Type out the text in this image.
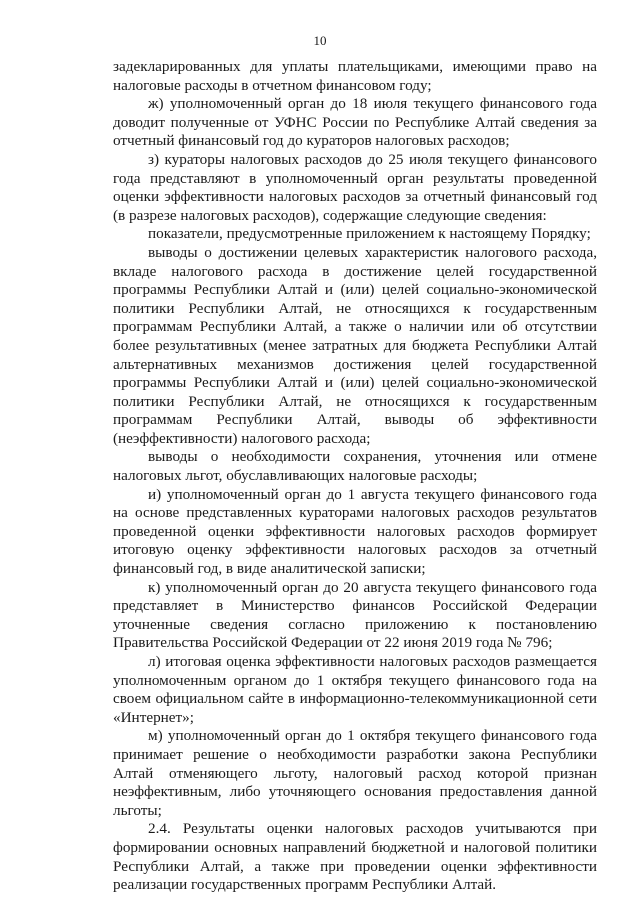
10

задекларированных для уплаты плательщиками, имеющими право на налоговые расходы в отчетном финансовом году;

ж) уполномоченный орган до 18 июля текущего финансового года доводит полученные от УФНС России по Республике Алтай сведения за отчетный финансовый год до кураторов налоговых расходов;

з) кураторы налоговых расходов до 25 июля текущего финансового года представляют в уполномоченный орган результаты проведенной оценки эффективности налоговых расходов за отчетный финансовый год (в разрезе налоговых расходов), содержащие следующие сведения:

показатели, предусмотренные приложением к настоящему Порядку;

выводы о достижении целевых характеристик налогового расхода, вкладе налогового расхода в достижение целей государственной программы Республики Алтай и (или) целей социально-экономической политики Республики Алтай, не относящихся к государственным программам Республики Алтай, а также о наличии или об отсутствии более результативных (менее затратных для бюджета Республики Алтай альтернативных механизмов достижения целей государственной программы Республики Алтай и (или) целей социально-экономической политики Республики Алтай, не относящихся к государственным программам Республики Алтай, выводы об эффективности (неэффективности) налогового расхода;

выводы о необходимости сохранения, уточнения или отмене налоговых льгот, обуславливающих налоговые расходы;

и) уполномоченный орган до 1 августа текущего финансового года на основе представленных кураторами налоговых расходов результатов проведенной оценки эффективности налоговых расходов формирует итоговую оценку эффективности налоговых расходов за отчетный финансовый год, в виде аналитической записки;

к) уполномоченный орган до 20 августа текущего финансового года представляет в Министерство финансов Российской Федерации уточненные сведения согласно приложению к постановлению Правительства Российской Федерации от 22 июня 2019 года № 796;

л) итоговая оценка эффективности налоговых расходов размещается уполномоченным органом до 1 октября текущего финансового года на своем официальном сайте в информационно-телекоммуникационной сети «Интернет»;

м) уполномоченный орган до 1 октября текущего финансового года принимает решение о необходимости разработки закона Республики Алтай отменяющего льготу, налоговый расход которой признан неэффективным, либо уточняющего основания предоставления данной льготы;

2.4. Результаты оценки налоговых расходов учитываются при формировании основных направлений бюджетной и налоговой политики Республики Алтай, а также при проведении оценки эффективности реализации государственных программ Республики Алтай.
